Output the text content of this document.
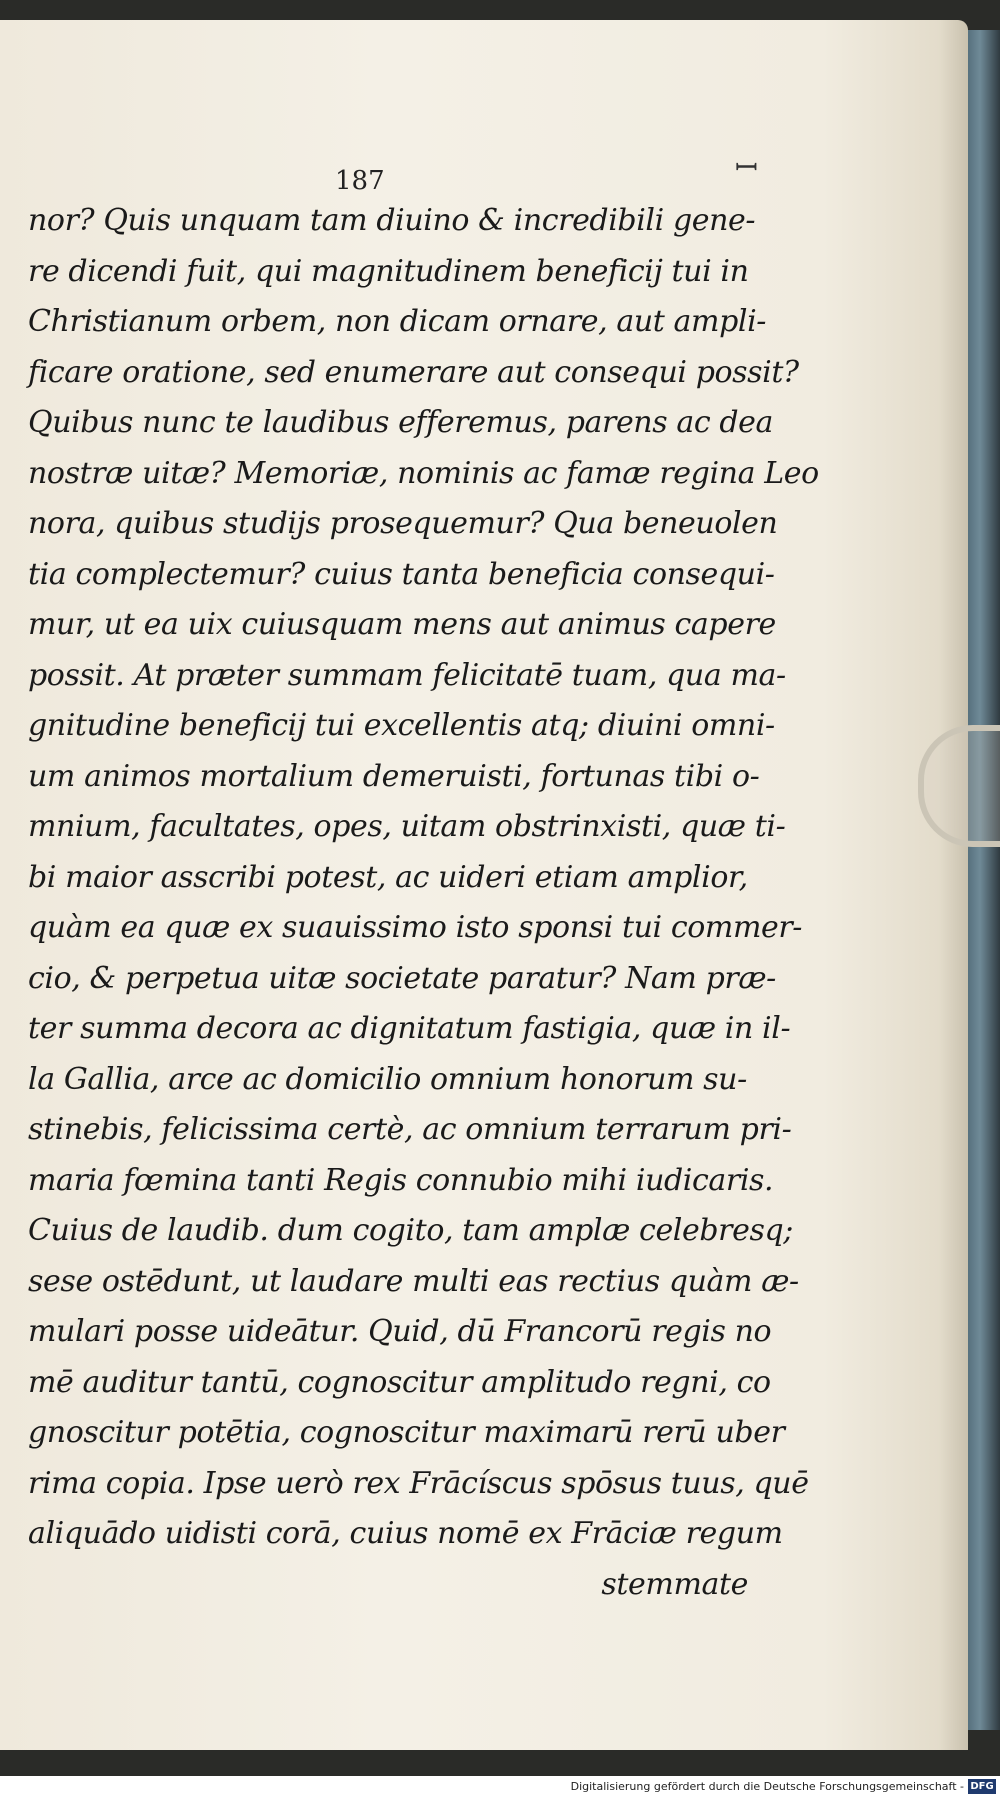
187	ꟷ
nor? Quis unquam tam diuino & incredibili gene-
re dicendi fuit, qui magnitudinem beneficij tui in
Christianum orbem, non dicam ornare, aut ampli-
ficare oratione, sed enumerare aut consequi possit?
Quibus nunc te laudibus efferemus, parens ac dea
nostræ uitæ? Memoriæ, nominis ac famæ regina Leo
nora, quibus studijs prosequemur? Qua beneuolen
tia complectemur? cuius tanta beneficia consequi-
mur, ut ea uix cuiusquam mens aut animus capere
possit. At præter summam felicitatē tuam, qua ma-
gnitudine beneficij tui excellentis atq; diuini omni-
um animos mortalium demeruisti, fortunas tibi o-
mnium, facultates, opes, uitam obstrinxisti, quæ ti-
bi maior asscribi potest, ac uideri etiam amplior,
quàm ea quæ ex suauissimo isto sponsi tui commer-
cio, & perpetua uitæ societate paratur? Nam præ-
ter summa decora ac dignitatum fastigia, quæ in il-
la Gallia, arce ac domicilio omnium honorum su-
stinebis, felicissima certè, ac omnium terrarum pri-
maria fœmina tanti Regis connubio mihi iudicaris.
Cuius de laudib. dum cogito, tam amplæ celebresq;
sese ostēdunt, ut laudare multi eas rectius quàm æ-
mulari posse uideātur. Quid, dū Francorū regis no
mē auditur tantū, cognoscitur amplitudo regni, co
gnoscitur potētia, cognoscitur maximarū rerū uber
rima copia. Ipse uerò rex Frācíscus spōsus tuus, quē
aliquādo uidisti corā, cuius nomē ex Frāciæ regum
stemmate
Digitalisierung gefördert durch die Deutsche Forschungsgemeinschaft - DFG
